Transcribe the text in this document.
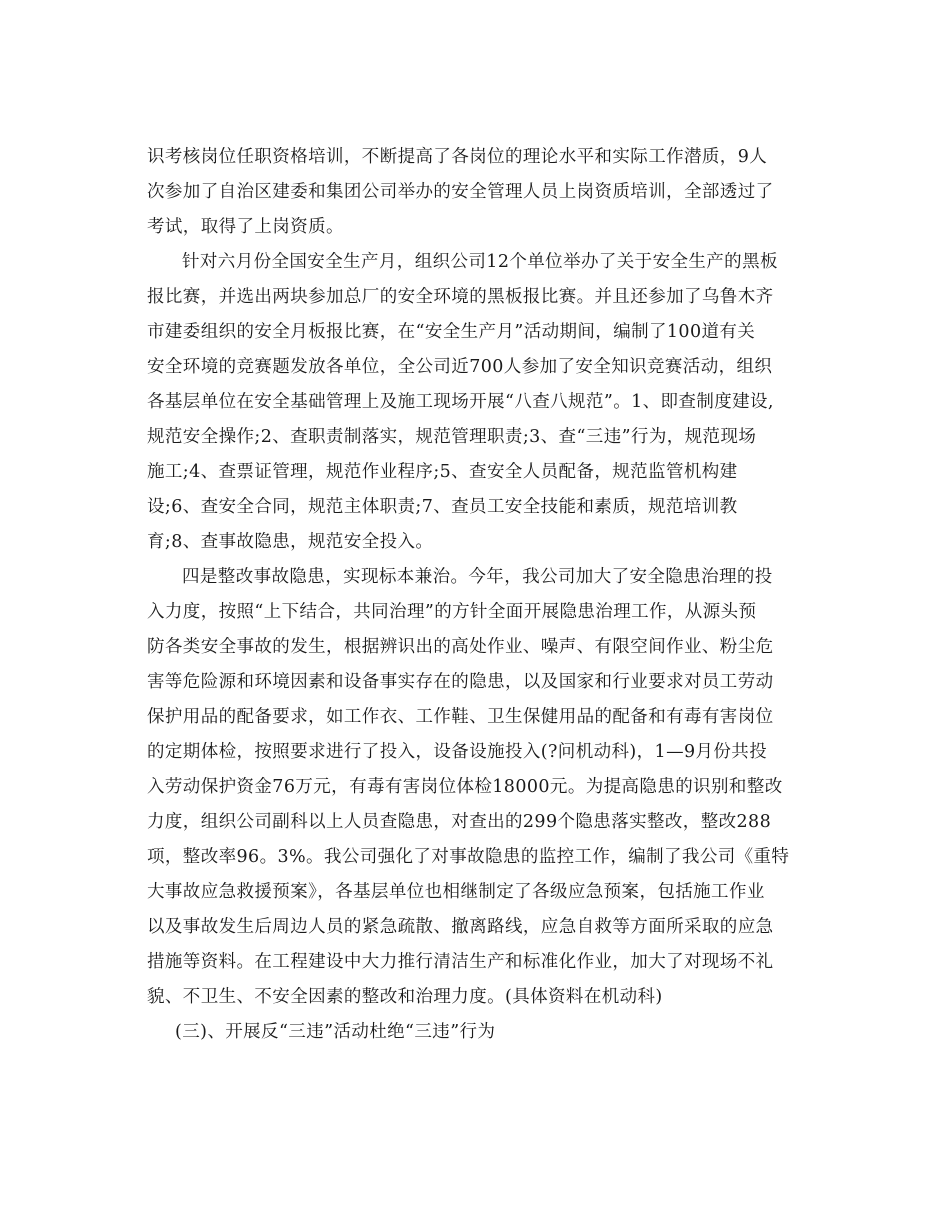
识考核岗位任职资格培训，不断提高了各岗位的理论水平和实际工作潜质，9人

次参加了自治区建委和集团公司举办的安全管理人员上岗资质培训，全部透过了

考试，取得了上岗资质。

针对六月份全国安全生产月，组织公司12个单位举办了关于安全生产的黑板

报比赛，并选出两块参加总厂的安全环境的黑板报比赛。并且还参加了乌鲁木齐

市建委组织的安全月板报比赛，在“安全生产月”活动期间，编制了100道有关

安全环境的竞赛题发放各单位，全公司近700人参加了安全知识竞赛活动，组织

各基层单位在安全基础管理上及施工现场开展“八查八规范”。1、即查制度建设,

规范安全操作;2、查职责制落实，规范管理职责;3、查“三违”行为，规范现场

施工;4、查票证管理，规范作业程序;5、查安全人员配备，规范监管机构建

设;6、查安全合同，规范主体职责;7、查员工安全技能和素质，规范培训教

育;8、查事故隐患，规范安全投入。

四是整改事故隐患，实现标本兼治。今年，我公司加大了安全隐患治理的投

入力度，按照“上下结合，共同治理”的方针全面开展隐患治理工作，从源头预

防各类安全事故的发生，根据辨识出的高处作业、噪声、有限空间作业、粉尘危

害等危险源和环境因素和设备事实存在的隐患，以及国家和行业要求对员工劳动

保护用品的配备要求，如工作衣、工作鞋、卫生保健用品的配备和有毒有害岗位

的定期体检，按照要求进行了投入，设备设施投入(?问机动科)，1—9月份共投

入劳动保护资金76万元，有毒有害岗位体检18000元。为提高隐患的识别和整改

力度，组织公司副科以上人员查隐患，对查出的299个隐患落实整改，整改288

项，整改率96。3%。我公司强化了对事故隐患的监控工作，编制了我公司《重特

大事故应急救援预案》，各基层单位也相继制定了各级应急预案，包括施工作业

以及事故发生后周边人员的紧急疏散、撤离路线，应急自救等方面所采取的应急

措施等资料。在工程建设中大力推行清洁生产和标准化作业，加大了对现场不礼

貌、不卫生、不安全因素的整改和治理力度。(具体资料在机动科)

(三)、开展反“三违”活动杜绝“三违”行为
